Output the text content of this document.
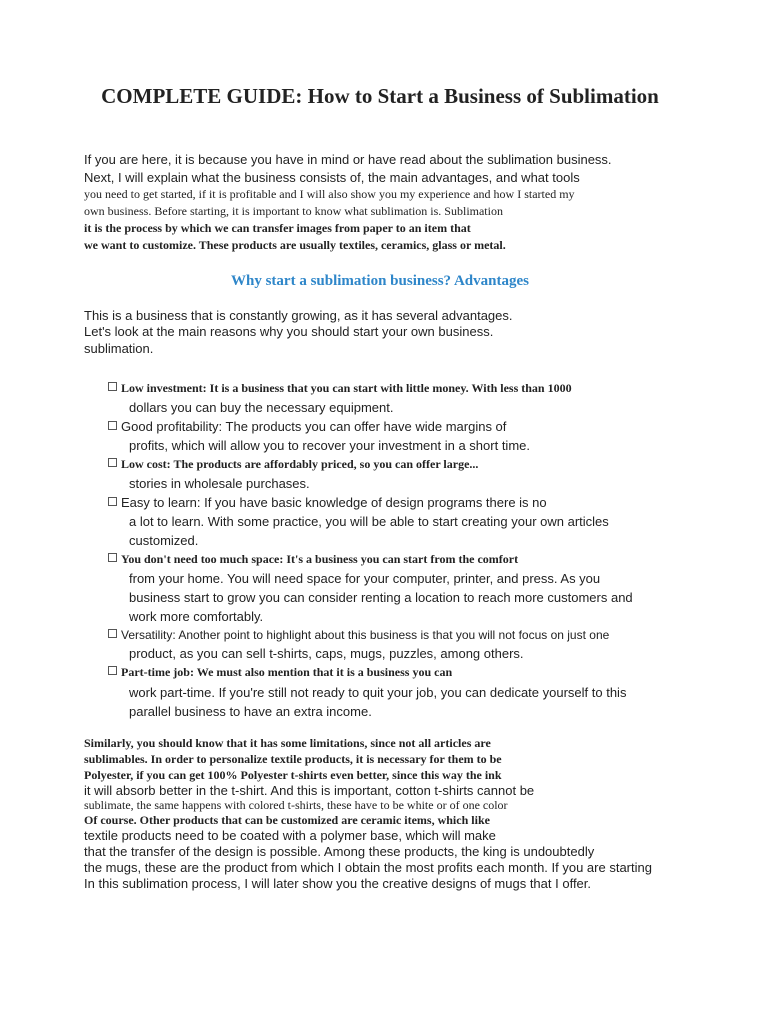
COMPLETE GUIDE: How to Start a Business of Sublimation
If you are here, it is because you have in mind or have read about the sublimation business.
Next, I will explain what the business consists of, the main advantages, and what tools
you need to get started, if it is profitable and I will also show you my experience and how I started my
own business. Before starting, it is important to know what sublimation is. Sublimation
it is the process by which we can transfer images from paper to an item that
we want to customize. These products are usually textiles, ceramics, glass or metal.
Why start a sublimation business? Advantages
This is a business that is constantly growing, as it has several advantages.
Let's look at the main reasons why you should start your own business.
sublimation.
Low investment: It is a business that you can start with little money. With less than 1000
dollars you can buy the necessary equipment.
Good profitability: The products you can offer have wide margins of
profits, which will allow you to recover your investment in a short time.
Low cost: The products are affordably priced, so you can offer large...
stories in wholesale purchases.
Easy to learn: If you have basic knowledge of design programs there is no
a lot to learn. With some practice, you will be able to start creating your own articles
customized.
You don't need too much space: It's a business you can start from the comfort
from your home. You will need space for your computer, printer, and press. As you
business start to grow you can consider renting a location to reach more customers and
work more comfortably.
Versatility: Another point to highlight about this business is that you will not focus on just one
product, as you can sell t-shirts, caps, mugs, puzzles, among others.
Part-time job: We must also mention that it is a business you can
work part-time. If you're still not ready to quit your job, you can dedicate yourself to this
parallel business to have an extra income.
Similarly, you should know that it has some limitations, since not all articles are
sublimables. In order to personalize textile products, it is necessary for them to be
Polyester, if you can get 100% Polyester t-shirts even better, since this way the ink
it will absorb better in the t-shirt. And this is important, cotton t-shirts cannot be
sublimate, the same happens with colored t-shirts, these have to be white or of one color
Of course. Other products that can be customized are ceramic items, which like
textile products need to be coated with a polymer base, which will make
that the transfer of the design is possible. Among these products, the king is undoubtedly
the mugs, these are the product from which I obtain the most profits each month. If you are starting
In this sublimation process, I will later show you the creative designs of mugs that I offer.
